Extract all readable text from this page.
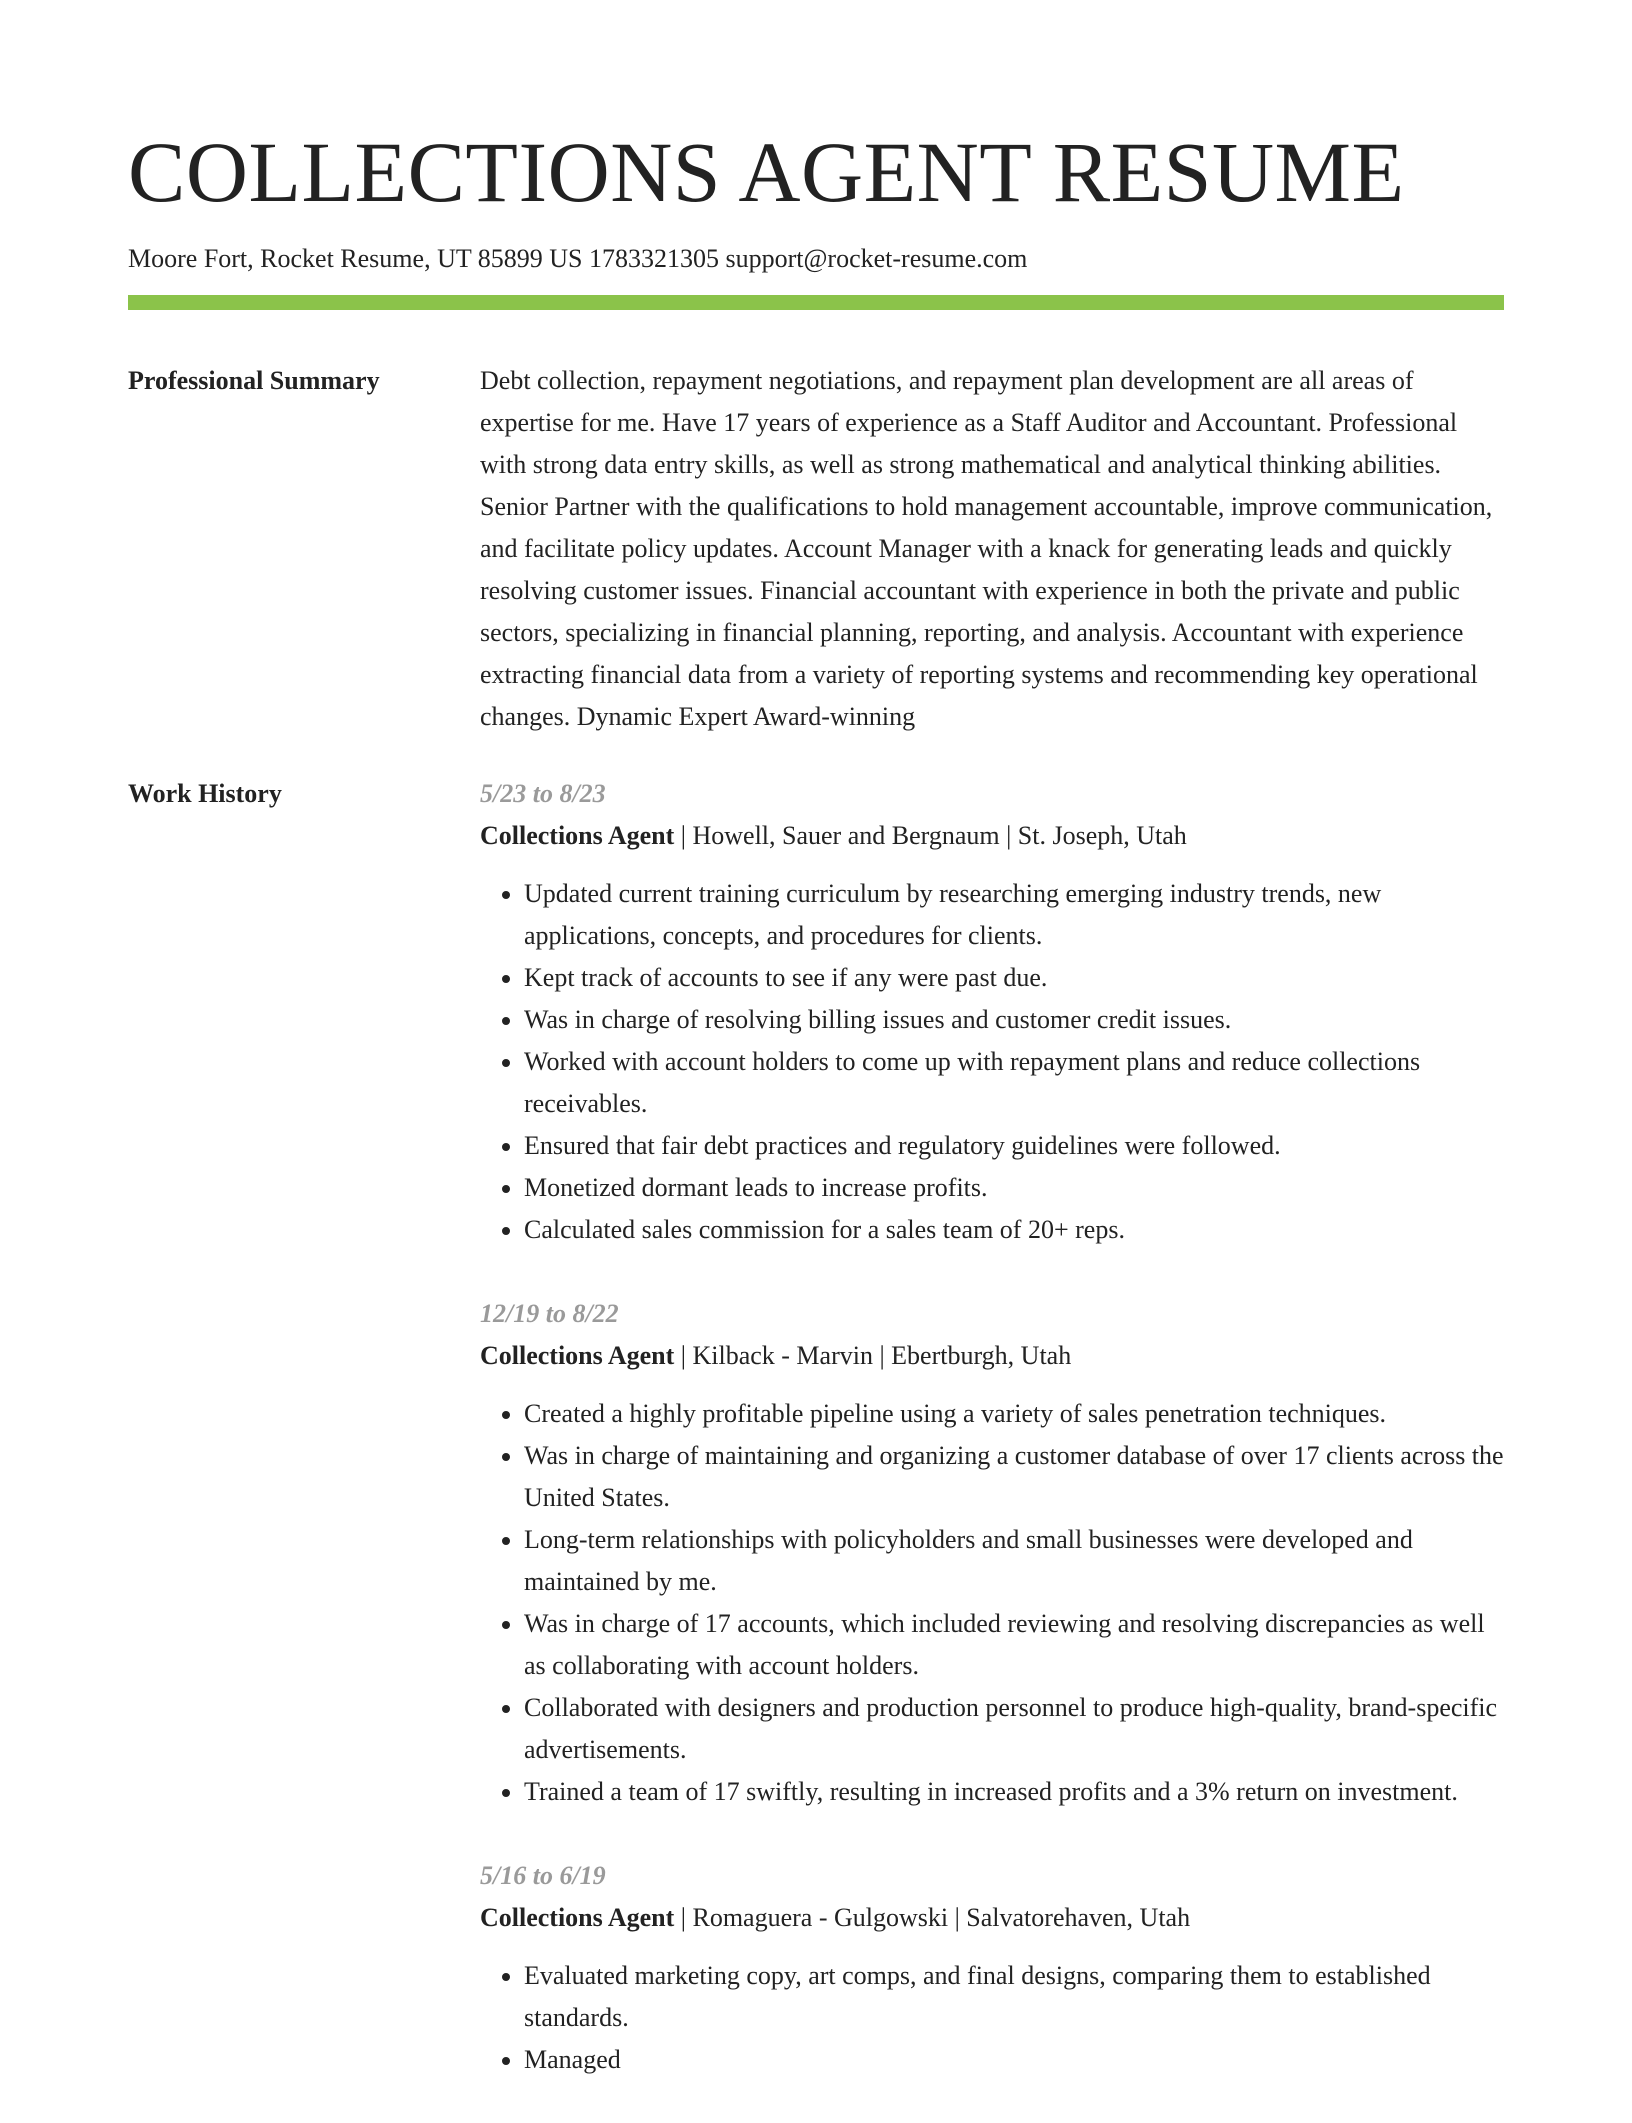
COLLECTIONS AGENT RESUME
Moore Fort, Rocket Resume, UT 85899 US 1783321305 support@rocket-resume.com
Professional Summary	Debt collection, repayment negotiations, and repayment plan development are all areas of expertise for me. Have 17 years of experience as a Staff Auditor and Accountant. Professional with strong data entry skills, as well as strong mathematical and analytical thinking abilities. Senior Partner with the qualifications to hold management accountable, improve communication, and facilitate policy updates. Account Manager with a knack for generating leads and quickly resolving customer issues. Financial accountant with experience in both the private and public sectors, specializing in financial planning, reporting, and analysis. Accountant with experience extracting financial data from a variety of reporting systems and recommending key operational changes. Dynamic Expert Award-winning
Work History	5/23 to 8/23
Collections Agent | Howell, Sauer and Bergnaum | St. Joseph, Utah
• Updated current training curriculum by researching emerging industry trends, new applications, concepts, and procedures for clients.
• Kept track of accounts to see if any were past due.
• Was in charge of resolving billing issues and customer credit issues.
• Worked with account holders to come up with repayment plans and reduce collections receivables.
• Ensured that fair debt practices and regulatory guidelines were followed.
• Monetized dormant leads to increase profits.
• Calculated sales commission for a sales team of 20+ reps.
12/19 to 8/22
Collections Agent | Kilback - Marvin | Ebertburgh, Utah
• Created a highly profitable pipeline using a variety of sales penetration techniques.
• Was in charge of maintaining and organizing a customer database of over 17 clients across the United States.
• Long-term relationships with policyholders and small businesses were developed and maintained by me.
• Was in charge of 17 accounts, which included reviewing and resolving discrepancies as well as collaborating with account holders.
• Collaborated with designers and production personnel to produce high-quality, brand-specific advertisements.
• Trained a team of 17 swiftly, resulting in increased profits and a 3% return on investment.
5/16 to 6/19
Collections Agent | Romaguera - Gulgowski | Salvatorehaven, Utah
• Evaluated marketing copy, art comps, and final designs, comparing them to established standards.
• Managed
